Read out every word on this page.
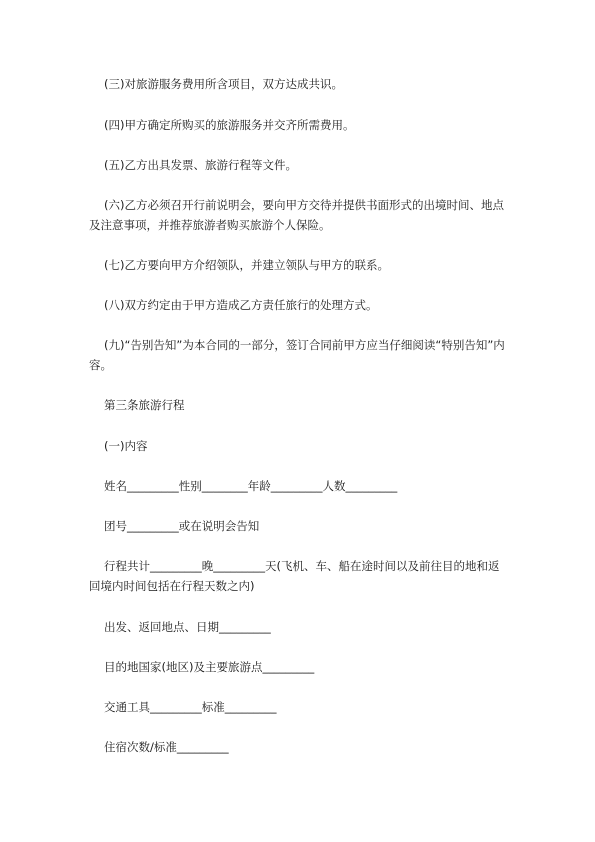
(三)对旅游服务费用所含项目，双方达成共识。
(四)甲方确定所购买的旅游服务并交齐所需费用。
(五)乙方出具发票、旅游行程等文件。
(六)乙方必须召开行前说明会，要向甲方交待并提供书面形式的出境时间、地点
及注意事项，并推荐旅游者购买旅游个人保险。
(七)乙方要向甲方介绍领队，并建立领队与甲方的联系。
(八)双方约定由于甲方造成乙方责任旅行的处理方式。
(九)“告别告知”为本合同的一部分，签订合同前甲方应当仔细阅读“特别告知”内
容。
第三条旅游行程
(一)内容
姓名_________性别________年龄_________人数_________
团号_________或在说明会告知
行程共计_________晚_________天(飞机、车、船在途时间以及前往目的地和返
回境内时间包括在行程天数之内)
出发、返回地点、日期_________
目的地国家(地区)及主要旅游点_________
交通工具_________标准_________
住宿次数/标准_________
